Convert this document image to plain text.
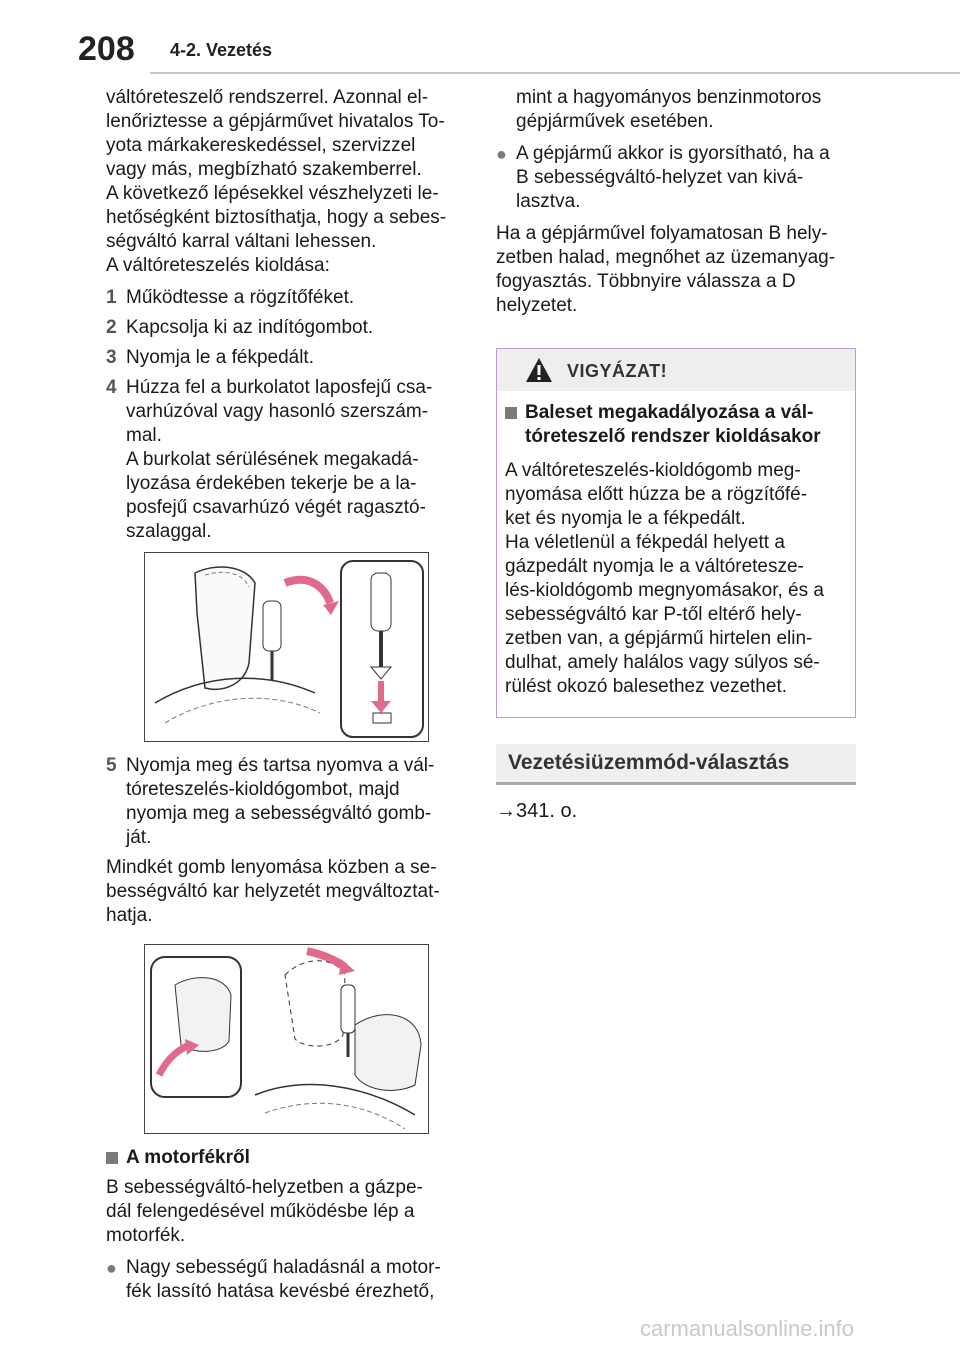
208 4-2. Vezetés

váltóreteszelő rendszerrel. Azonnal el-
lenőriztesse a gépjárművet hivatalos To-
yota márkakereskedéssel, szervizzel
vagy más, megbízható szakemberrel.
A következő lépésekkel vészhelyzeti le-
hetőségként biztosíthatja, hogy a sebes-
ségváltó karral váltani lehessen.
A váltóreteszelés kioldása:

1 Működtesse a rögzítőféket.
2 Kapcsolja ki az indítógombot.
3 Nyomja le a fékpedált.
4 Húzza fel a burkolatot laposfejű csa-
varhúzóval vagy hasonló szerszám-
mal.
A burkolat sérülésének megakadá-
lyozása érdekében tekerje be a la-
posfejű csavarhúzó végét ragasztó-
szalaggal.
5 Nyomja meg és tartsa nyomva a vál-
tóreteszelés-kioldógombot, majd
nyomja meg a sebességváltó gomb-
ját.

Mindkét gomb lenyomása közben a se-
bességváltó kar helyzetét megváltoztat-
hatja.

A motorfékről

B sebességváltó-helyzetben a gázpe-
dál felengedésével működésbe lép a
motorfék.

● Nagy sebességű haladásnál a motor-
fék lassító hatása kevésbé érezhető,
mint a hagyományos benzinmotoros
gépjárművek esetében.
● A gépjármű akkor is gyorsítható, ha a
B sebességváltó-helyzet van kivá-
lasztva.

Ha a gépjárművel folyamatosan B hely-
zetben halad, megnőhet az üzemanyag-
fogyasztás. Többnyire válassza a D
helyzetet.

VIGYÁZAT!
Baleset megakadályozása a vál-
tóreteszelő rendszer kioldásakor

A váltóreteszelés-kioldógomb meg-
nyomása előtt húzza be a rögzítőfé-
ket és nyomja le a fékpedált.
Ha véletlenül a fékpedál helyett a
gázpedált nyomja le a váltóretesze-
lés-kioldógomb megnyomásakor, és a
sebességváltó kar P-től eltérő hely-
zetben van, a gépjármű hirtelen elin-
dulhat, amely halálos vagy súlyos sé-
rülést okozó balesethez vezethet.

Vezetésiüzemmód-választás
→341. o.
carmanualsonline.info
